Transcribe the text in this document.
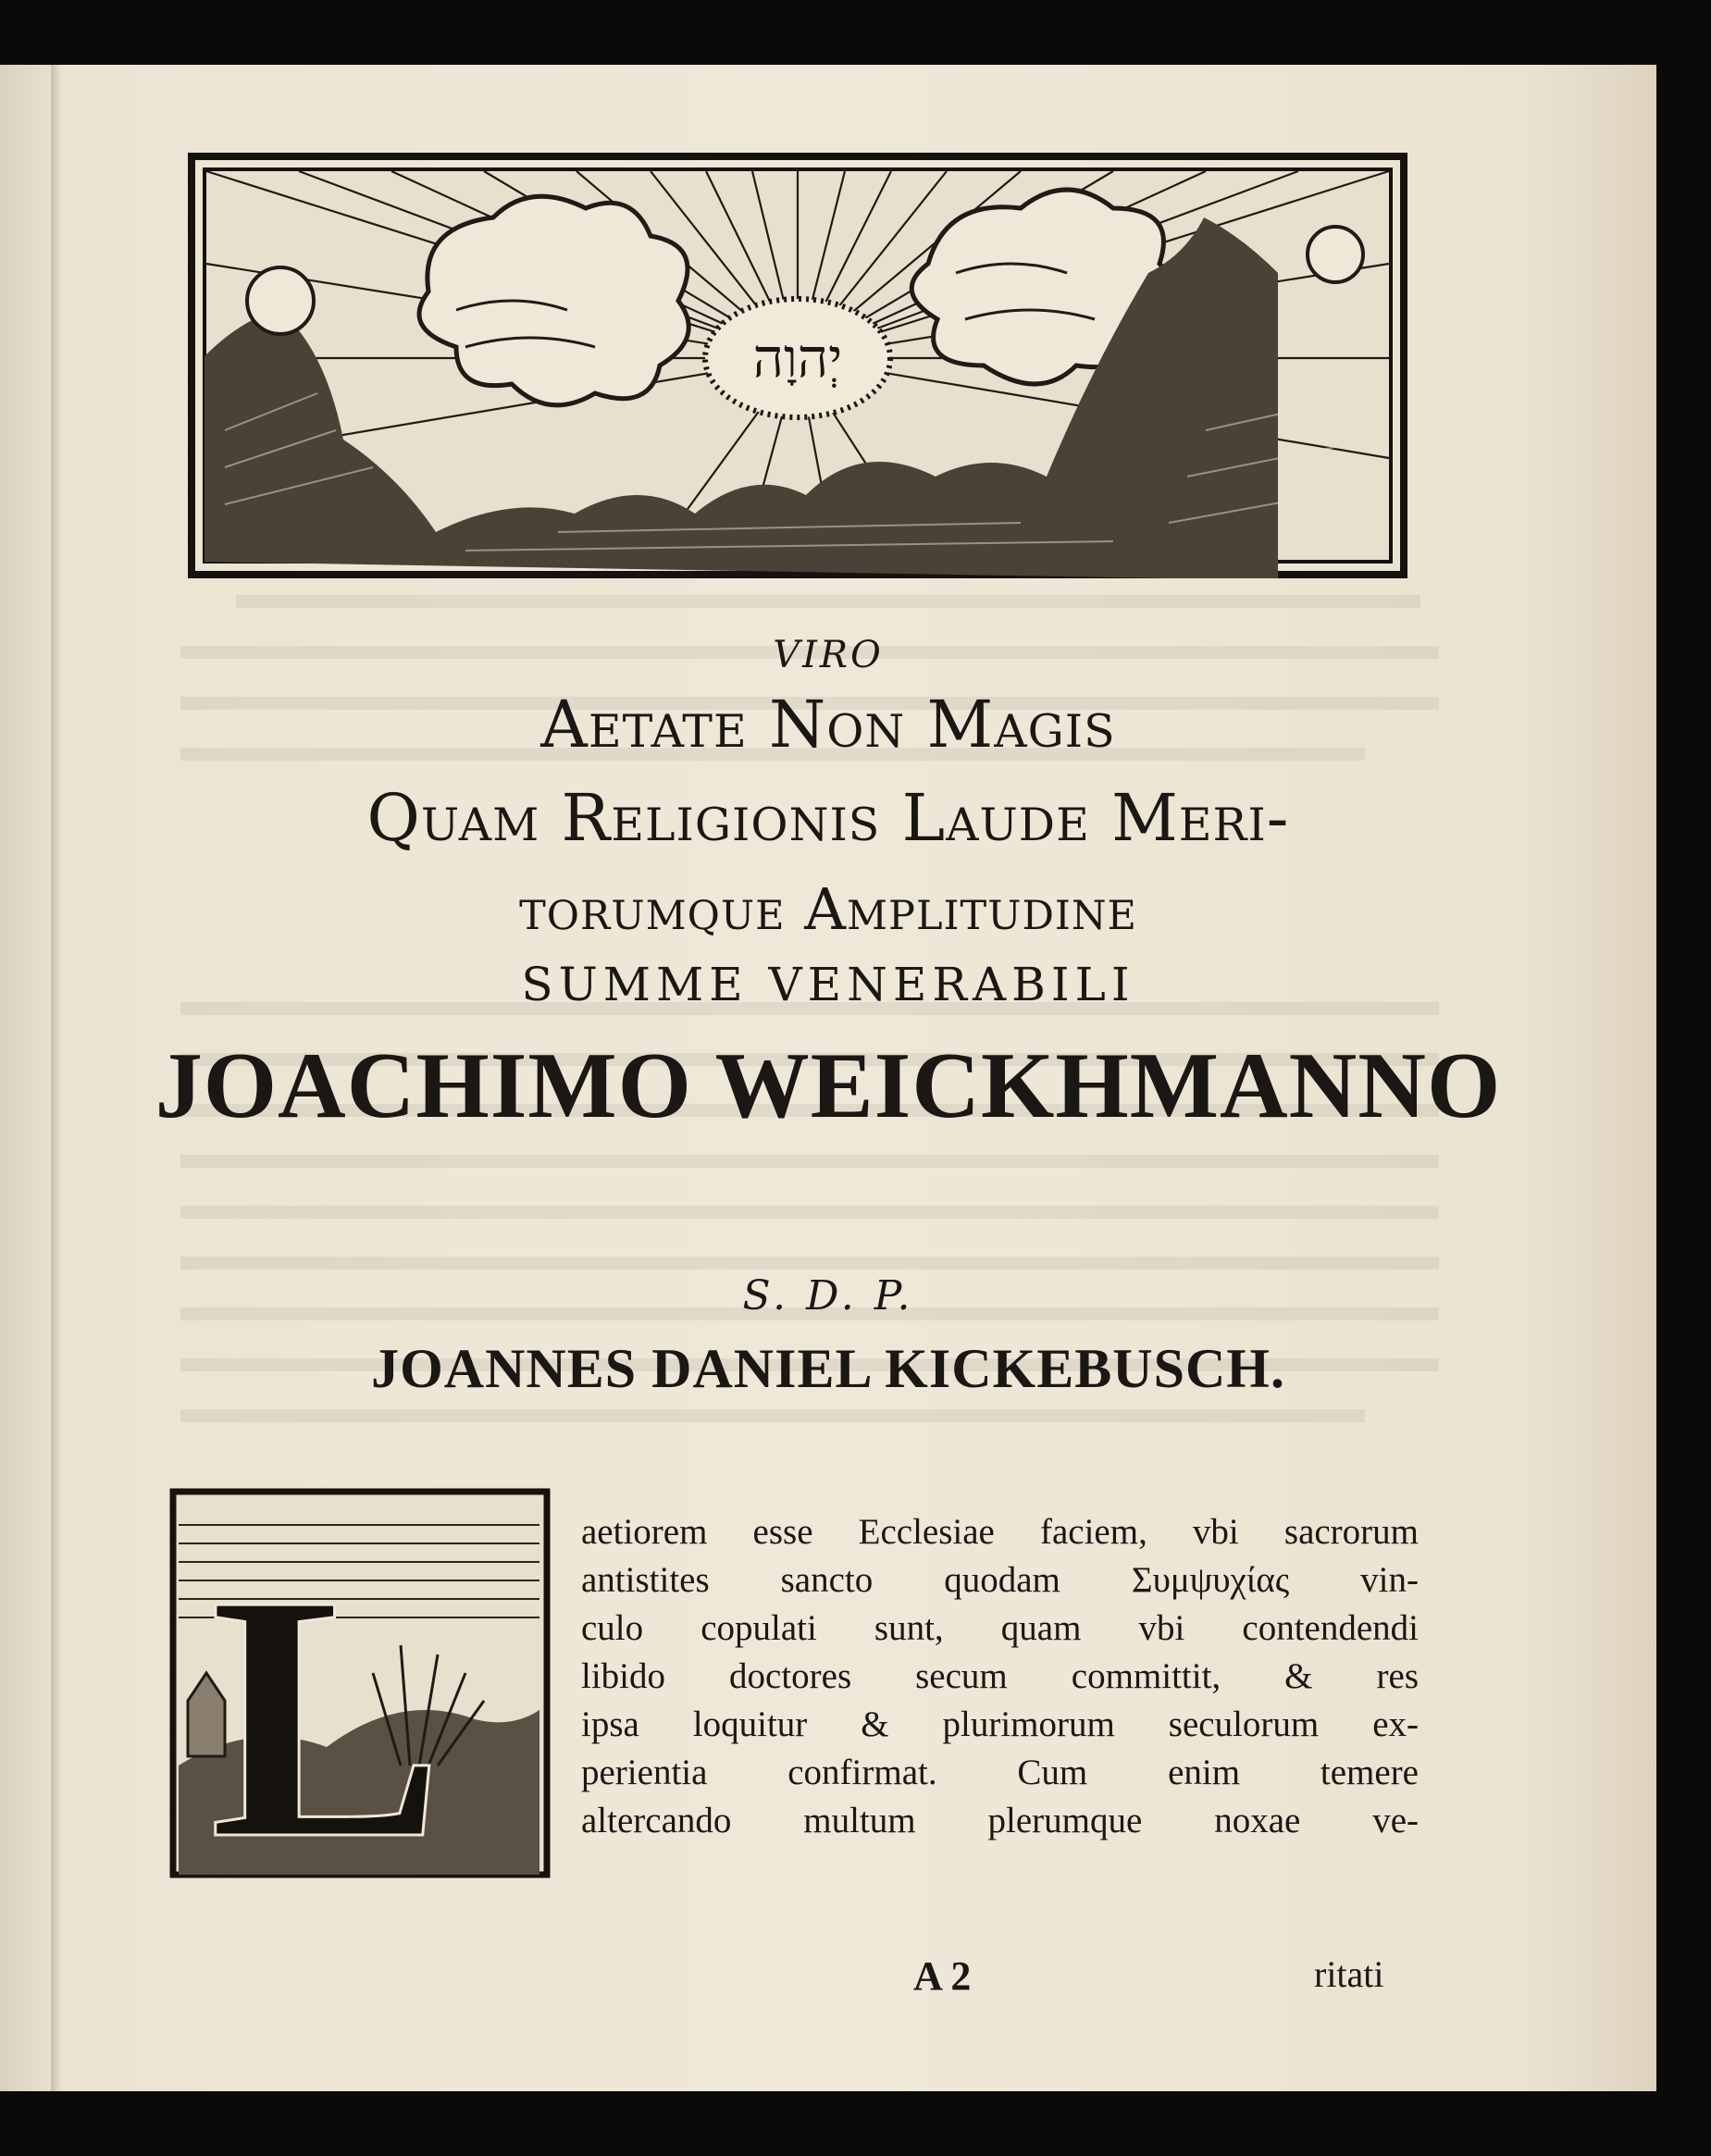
יְהוָה
VIRO
Aetate Non Magis
Quam Religionis Laude Meri-
torumque Amplitudine
SUMME VENERABILI
JOACHIMO WEICKHMANNO
S. D. P.
JOANNES DANIEL KICKEBUSCH.
L	aetiorem esse Ecclesiae faciem, vbi sacrorum
antistites sancto quodam Συμψυχίας vin-
culo copulati sunt, quam vbi contendendi
libido doctores secum committit, & res
ipsa loquitur & plurimorum seculorum ex-
perientia confirmat. Cum enim temere
altercando multum plerumque noxae ve-
A 2	ritati
